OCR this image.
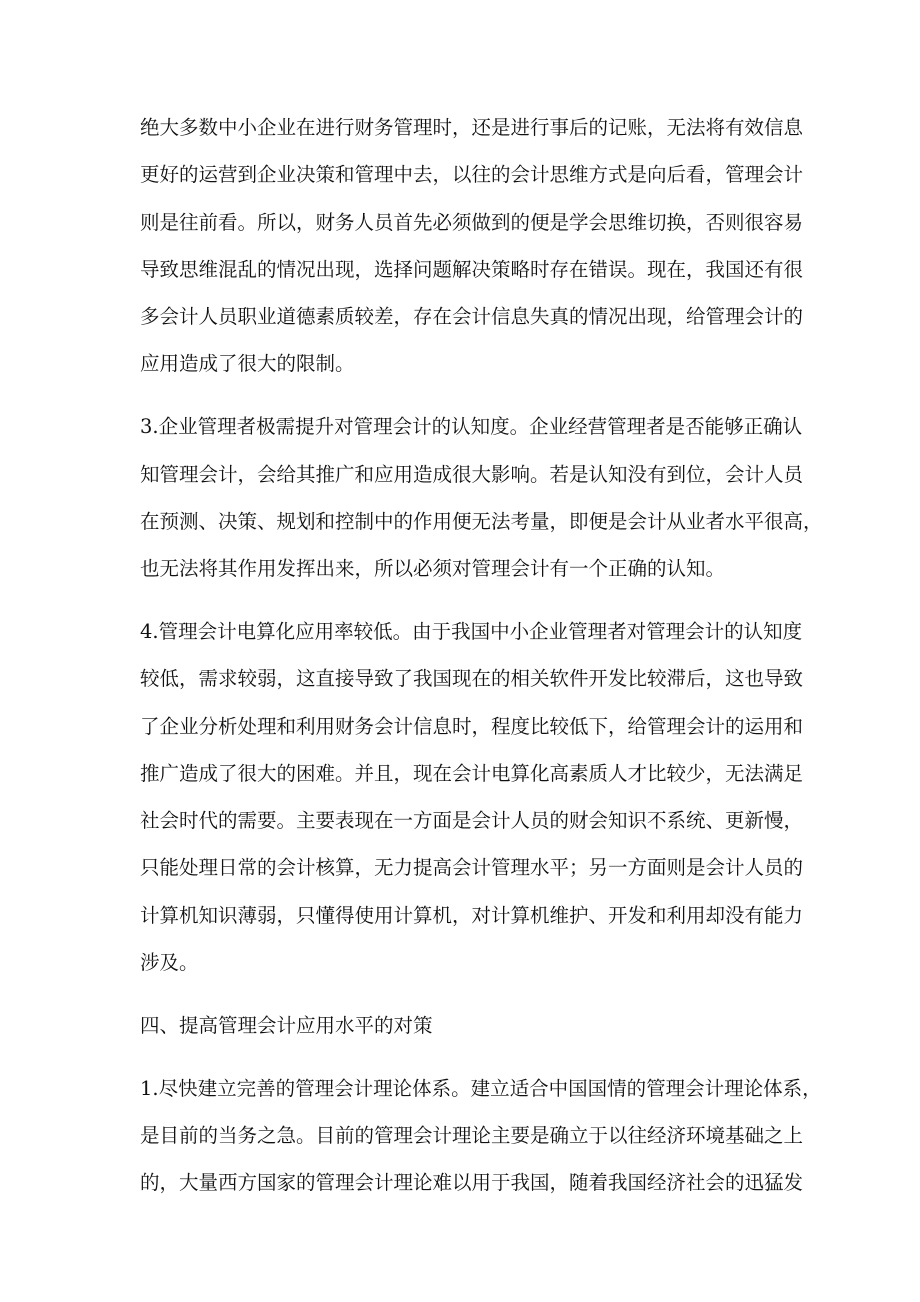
绝大多数中小企业在进行财务管理时，还是进行事后的记账，无法将有效信息
更好的运营到企业决策和管理中去，以往的会计思维方式是向后看，管理会计
则是往前看。所以，财务人员首先必须做到的便是学会思维切换，否则很容易
导致思维混乱的情况出现，选择问题解决策略时存在错误。现在，我国还有很
多会计人员职业道德素质较差，存在会计信息失真的情况出现，给管理会计的
应用造成了很大的限制。
3.企业管理者极需提升对管理会计的认知度。企业经营管理者是否能够正确认
知管理会计，会给其推广和应用造成很大影响。若是认知没有到位，会计人员
在预测、决策、规划和控制中的作用便无法考量，即便是会计从业者水平很高，
也无法将其作用发挥出来，所以必须对管理会计有一个正确的认知。
4.管理会计电算化应用率较低。由于我国中小企业管理者对管理会计的认知度
较低，需求较弱，这直接导致了我国现在的相关软件开发比较滞后，这也导致
了企业分析处理和利用财务会计信息时，程度比较低下，给管理会计的运用和
推广造成了很大的困难。并且，现在会计电算化高素质人才比较少，无法满足
社会时代的需要。主要表现在一方面是会计人员的财会知识不系统、更新慢，
只能处理日常的会计核算，无力提高会计管理水平；另一方面则是会计人员的
计算机知识薄弱，只懂得使用计算机，对计算机维护、开发和利用却没有能力
涉及。
四、提高管理会计应用水平的对策
1.尽快建立完善的管理会计理论体系。建立适合中国国情的管理会计理论体系，
是目前的当务之急。目前的管理会计理论主要是确立于以往经济环境基础之上
的，大量西方国家的管理会计理论难以用于我国，随着我国经济社会的迅猛发
